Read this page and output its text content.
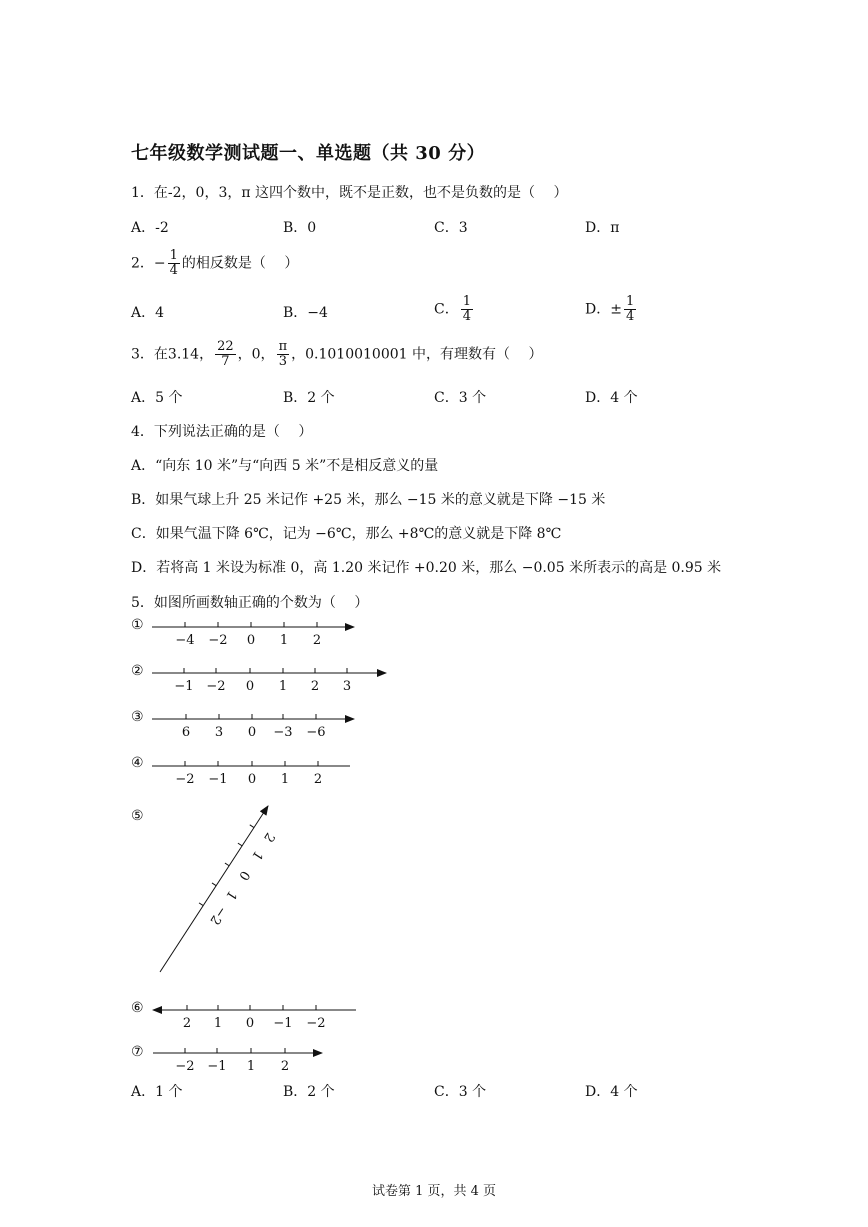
七年级数学测试题一、单选题（共 30 分）
1．在-2，0，3，π 这四个数中，既不是正数，也不是负数的是（　 ）
A．-2	B．0	C．3	D．π
2．− $\frac{1}{4}$ 的相反数是（　 ）
A．4	B．−4	C． $\frac{1}{4}$	D．± $\frac{1}{4}$
3．在3.14， $\frac{22}{7}$ ，0， $\frac{\pi}{3}$ ，0.1010010001 中，有理数有（　 ）
A．5 个	B．2 个	C．3 个	D．4 个
4．下列说法正确的是（　 ）
A．“向东 10 米”与“向西 5 米”不是相反意义的量
B．如果气球上升 25 米记作 +25 米，那么 −15 米的意义就是下降 −15 米
C．如果气温下降 6℃，记为 −6℃，那么 +8℃的意义就是下降 8℃
D．若将高 1 米设为标准 0，高 1.20 米记作 +0.20 米，那么 −0.05 米所表示的高是 0.95 米
5．如图所画数轴正确的个数为（　 ）
①
②
③
④
⑤
⑥
⑦
−4 −2 0 1 2
−1 −2 0 1 2 3
6 3 0 −3 −6
−2 −1 0 1 2
2 1 0 −1 −2
−2 −1 1 2
−2
1
0
1
2
A．1 个	B．2 个	C．3 个	D．4 个
试卷第 1 页，共 4 页
